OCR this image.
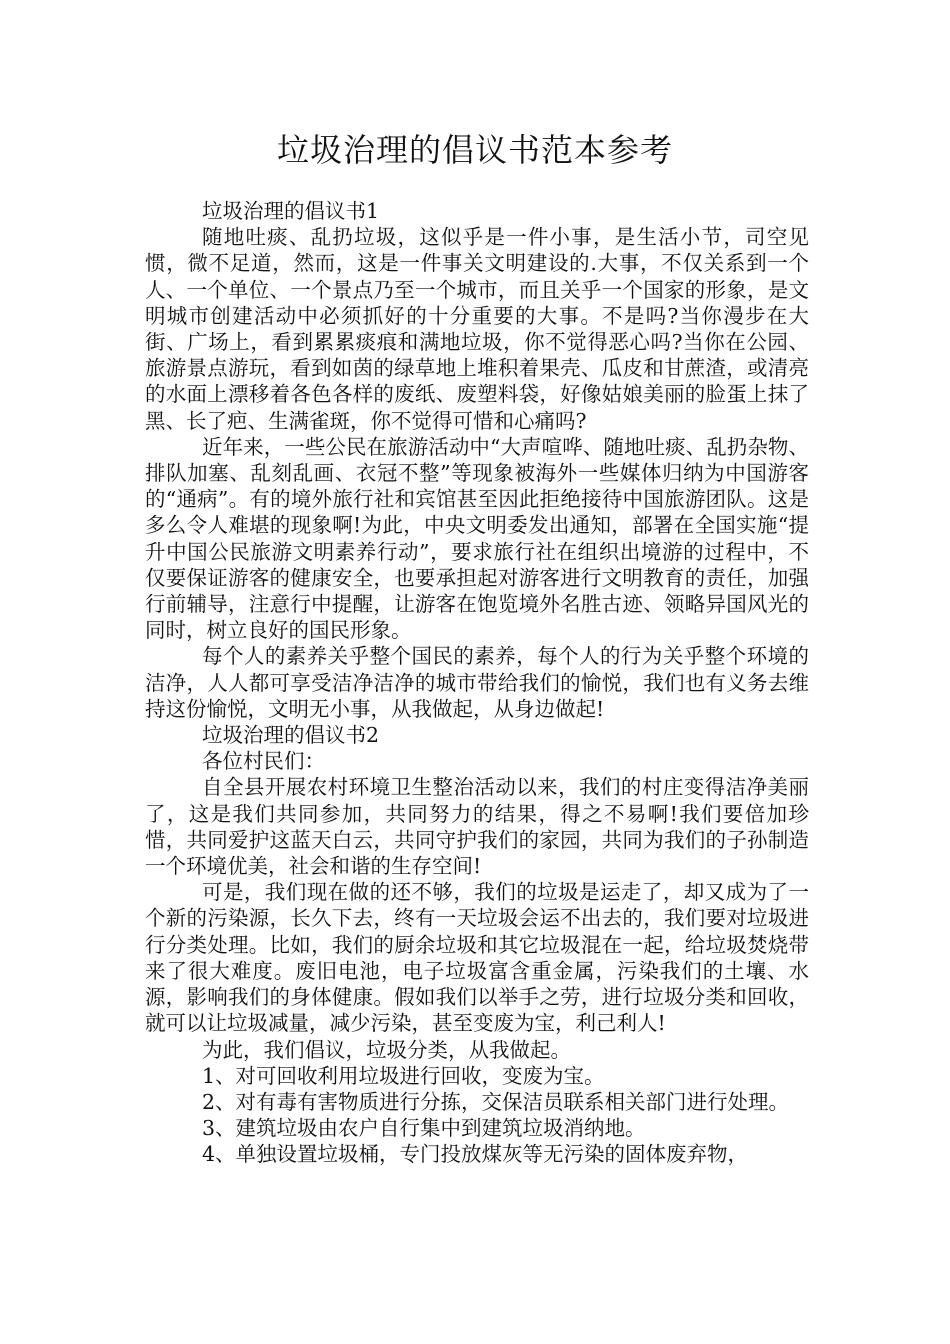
垃圾治理的倡议书范本参考

垃圾治理的倡议书1

随地吐痰、乱扔垃圾，这似乎是一件小事，是生活小节，司空见惯，微不足道，然而，这是一件事关文明建设的.大事，不仅关系到一个人、一个单位、一个景点乃至一个城市，而且关乎一个国家的形象，是文明城市创建活动中必须抓好的十分重要的大事。不是吗?当你漫步在大街、广场上，看到累累痰痕和满地垃圾，你不觉得恶心吗?当你在公园、旅游景点游玩，看到如茵的绿草地上堆积着果壳、瓜皮和甘蔗渣，或清亮的水面上漂移着各色各样的废纸、废塑料袋，好像姑娘美丽的脸蛋上抹了黑、长了疤、生满雀斑，你不觉得可惜和心痛吗?

近年来，一些公民在旅游活动中“大声喧哗、随地吐痰、乱扔杂物、排队加塞、乱刻乱画、衣冠不整”等现象被海外一些媒体归纳为中国游客的“通病”。有的境外旅行社和宾馆甚至因此拒绝接待中国旅游团队。这是多么令人难堪的现象啊!为此，中央文明委发出通知，部署在全国实施“提升中国公民旅游文明素养行动”，要求旅行社在组织出境游的过程中，不仅要保证游客的健康安全，也要承担起对游客进行文明教育的责任，加强行前辅导，注意行中提醒，让游客在饱览境外名胜古迹、领略异国风光的同时，树立良好的国民形象。

每个人的素养关乎整个国民的素养，每个人的行为关乎整个环境的洁净，人人都可享受洁净洁净的城市带给我们的愉悦，我们也有义务去维持这份愉悦，文明无小事，从我做起，从身边做起!

垃圾治理的倡议书2

各位村民们：

自全县开展农村环境卫生整治活动以来，我们的村庄变得洁净美丽了，这是我们共同参加，共同努力的结果，得之不易啊!我们要倍加珍惜，共同爱护这蓝天白云，共同守护我们的家园，共同为我们的子孙制造一个环境优美，社会和谐的生存空间!

可是，我们现在做的还不够，我们的垃圾是运走了，却又成为了一个新的污染源，长久下去，终有一天垃圾会运不出去的，我们要对垃圾进行分类处理。比如，我们的厨余垃圾和其它垃圾混在一起，给垃圾焚烧带来了很大难度。废旧电池，电子垃圾富含重金属，污染我们的土壤、水源，影响我们的身体健康。假如我们以举手之劳，进行垃圾分类和回收，就可以让垃圾减量，减少污染，甚至变废为宝，利己利人!

为此，我们倡议，垃圾分类，从我做起。

1、对可回收利用垃圾进行回收，变废为宝。

2、对有毒有害物质进行分拣，交保洁员联系相关部门进行处理。

3、建筑垃圾由农户自行集中到建筑垃圾消纳地。

4、单独设置垃圾桶，专门投放煤灰等无污染的固体废弃物，
